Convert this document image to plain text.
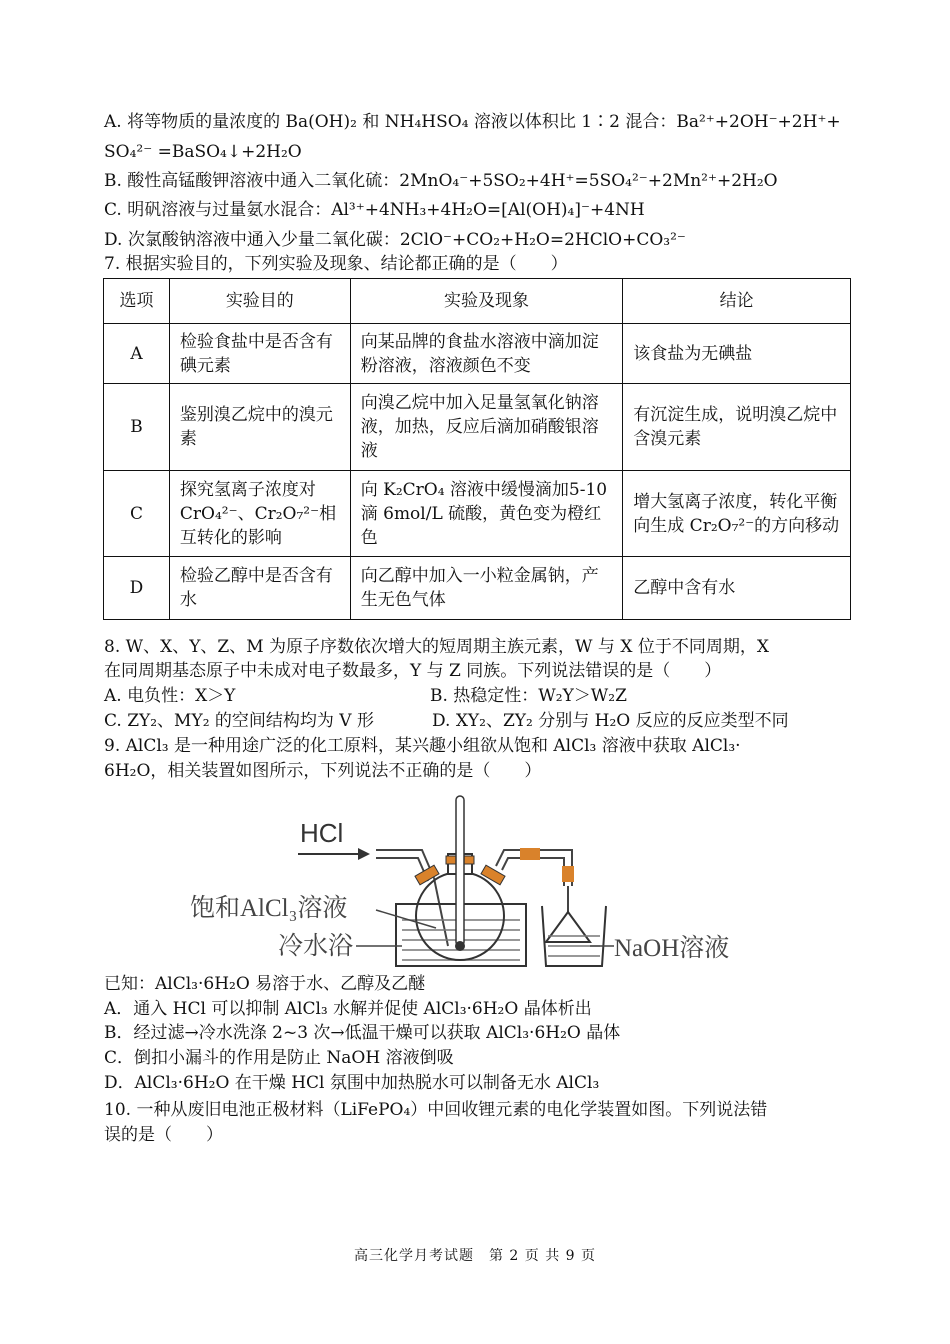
A. 将等物质的量浓度的 Ba(OH)₂ 和 NH₄HSO₄ 溶液以体积比 1∶2 混合：Ba²⁺+2OH⁻+2H⁺+
SO₄²⁻ =BaSO₄↓+2H₂O
B. 酸性高锰酸钾溶液中通入二氧化硫：2MnO₄⁻+5SO₂+4H⁺=5SO₄²⁻+2Mn²⁺+2H₂O
C. 明矾溶液与过量氨水混合：Al³⁺+4NH₃+4H₂O=[Al(OH)₄]⁻+4NH
D. 次氯酸钠溶液中通入少量二氧化碳：2ClO⁻+CO₂+H₂O=2HClO+CO₃²⁻
7. 根据实验目的，下列实验及现象、结论都正确的是（　　）
选项	实验目的	实验及现象	结论
A	检验食盐中是否含有碘元素	向某品牌的食盐水溶液中滴加淀粉溶液，溶液颜色不变	该食盐为无碘盐
B	鉴别溴乙烷中的溴元素	向溴乙烷中加入足量氢氧化钠溶液，加热，反应后滴加硝酸银溶液	有沉淀生成，说明溴乙烷中含溴元素
C	探究氢离子浓度对CrO₄²⁻、Cr₂O₇²⁻相互转化的影响	向 K₂CrO₄ 溶液中缓慢滴加5-10 滴 6mol/L 硫酸，黄色变为橙红色	增大氢离子浓度，转化平衡向生成 Cr₂O₇²⁻的方向移动
D	检验乙醇中是否含有水	向乙醇中加入一小粒金属钠，产生无色气体	乙醇中含有水
8. W、X、Y、Z、M 为原子序数依次增大的短周期主族元素，W 与 X 位于不同周期，X
在同周期基态原子中未成对电子数最多，Y 与 Z 同族。下列说法错误的是（　　）
A. 电负性：X＞Y	B. 热稳定性：W₂Y＞W₂Z
C. ZY₂、MY₂ 的空间结构均为 V 形	D. XY₂、ZY₂ 分别与 H₂O 反应的反应类型不同
9. AlCl₃ 是一种用途广泛的化工原料，某兴趣小组欲从饱和 AlCl₃ 溶液中获取 AlCl₃·
6H₂O，相关装置如图所示，下列说法不正确的是（　　）
HCl
饱和AlCl₃溶液
冷水浴	NaOH溶液
已知：AlCl₃·6H₂O 易溶于水、乙醇及乙醚
A．通入 HCl 可以抑制 AlCl₃ 水解并促使 AlCl₃·6H₂O 晶体析出
B．经过滤→冷水洗涤 2~3 次→低温干燥可以获取 AlCl₃·6H₂O 晶体
C．倒扣小漏斗的作用是防止 NaOH 溶液倒吸
D．AlCl₃·6H₂O 在干燥 HCl 氛围中加热脱水可以制备无水 AlCl₃
10. 一种从废旧电池正极材料（LiFePO₄）中回收锂元素的电化学装置如图。下列说法错
误的是（　　）
高三化学月考试题　第 2 页 共 9 页
